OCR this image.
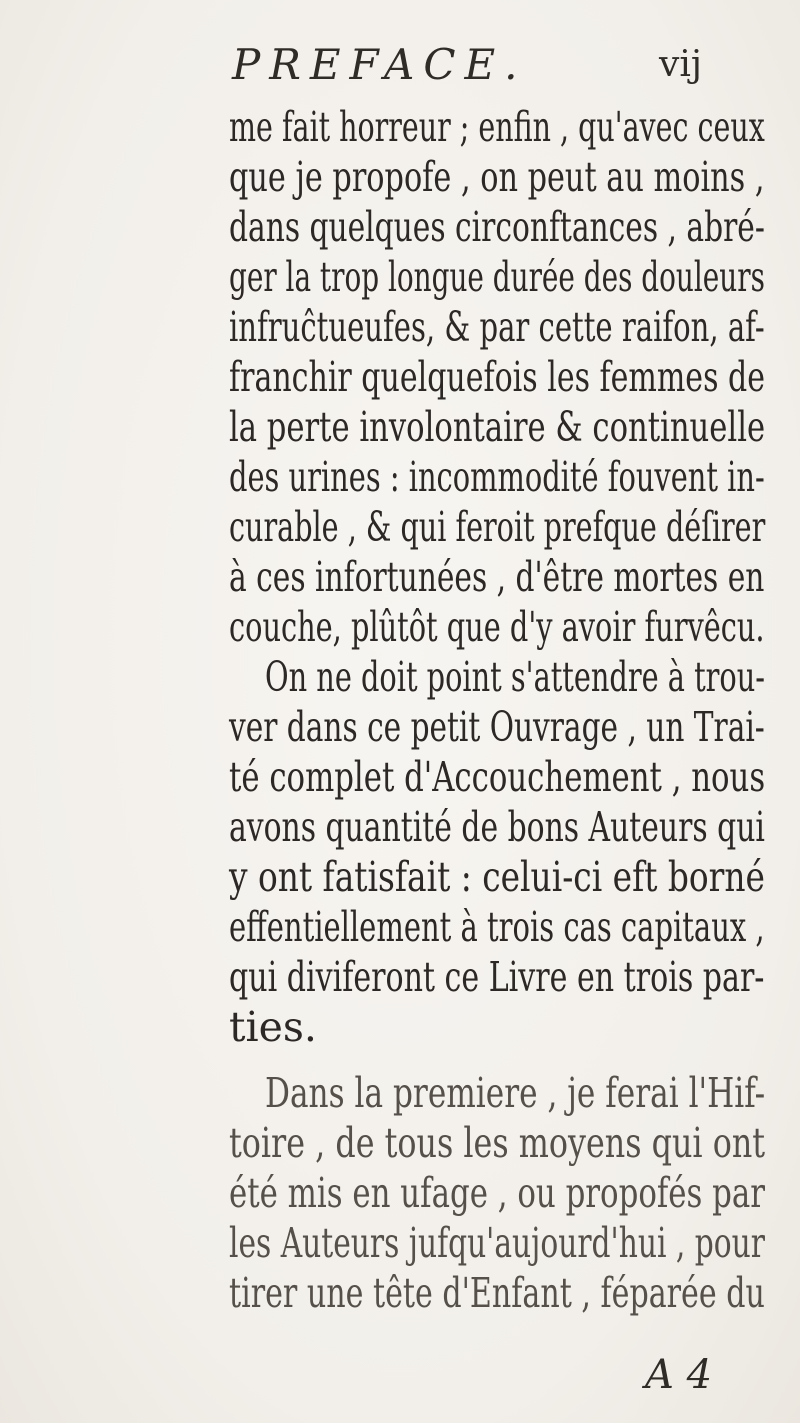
PREFACE.	vij
me fait horreur ; enfin , qu'avec ceux
que je propofe , on peut au moins ,
dans quelques circonftances , abré-
ger la trop longue durée des douleurs
infruĉtueufes, & par cette raifon, af-
franchir quelquefois les femmes de
la perte involontaire & continuelle
des urines : incommodité fouvent in-
curable , & qui feroit prefque déſirer
à ces infortunées , d'être mortes en
couche, plûtôt que d'y avoir furvêcu.
On ne doit point s'attendre à trou-
ver dans ce petit Ouvrage , un Trai-
té complet d'Accouchement , nous
avons quantité de bons Auteurs qui
y ont fatisfait : celui-ci eft borné
effentiellement à trois cas capitaux ,
qui diviferont ce Livre en trois par-
ties.
Dans la premiere , je ferai l'Hif-
toire , de tous les moyens qui ont
été mis en ufage , ou propofés par
les Auteurs jufqu'aujourd'hui , pour
tirer une tête d'Enfant , féparée du
A 4
